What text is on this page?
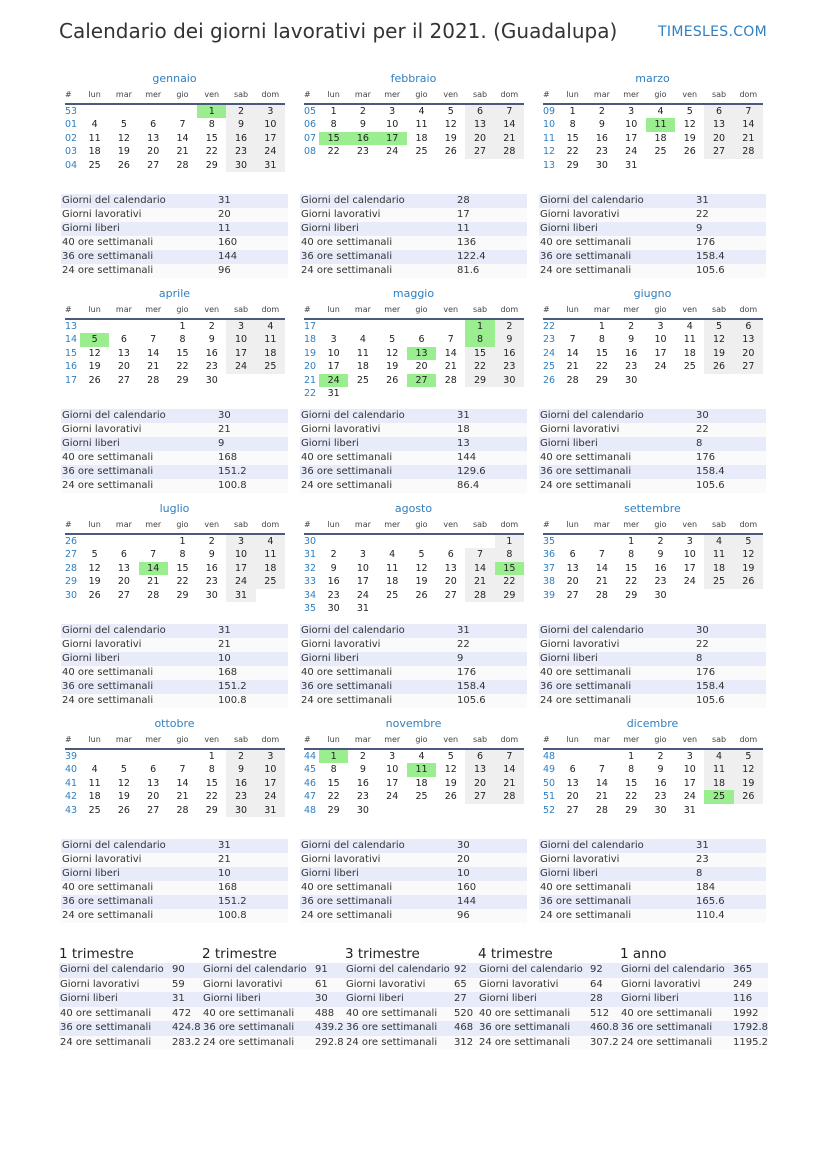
Calendario dei giorni lavorativi per il 2021. (Guadalupa)	TIMESLES.COM
gennaio
#	lun	mar	mer	gio	ven	sab	dom
53					1	2	3
01	4	5	6	7	8	9	10
02	11	12	13	14	15	16	17
03	18	19	20	21	22	23	24
04	25	26	27	28	29	30	31
Giorni del calendario	31
Giorni lavorativi	20
Giorni liberi	11
40 ore settimanali	160
36 ore settimanali	144
24 ore settimanali	96
febbraio
#	lun	mar	mer	gio	ven	sab	dom
05	1	2	3	4	5	6	7
06	8	9	10	11	12	13	14
07	15	16	17	18	19	20	21
08	22	23	24	25	26	27	28
Giorni del calendario	28
Giorni lavorativi	17
Giorni liberi	11
40 ore settimanali	136
36 ore settimanali	122.4
24 ore settimanali	81.6
marzo
#	lun	mar	mer	gio	ven	sab	dom
09	1	2	3	4	5	6	7
10	8	9	10	11	12	13	14
11	15	16	17	18	19	20	21
12	22	23	24	25	26	27	28
13	29	30	31				
Giorni del calendario	31
Giorni lavorativi	22
Giorni liberi	9
40 ore settimanali	176
36 ore settimanali	158.4
24 ore settimanali	105.6
aprile
#	lun	mar	mer	gio	ven	sab	dom
13				1	2	3	4
14	5	6	7	8	9	10	11
15	12	13	14	15	16	17	18
16	19	20	21	22	23	24	25
17	26	27	28	29	30		
Giorni del calendario	30
Giorni lavorativi	21
Giorni liberi	9
40 ore settimanali	168
36 ore settimanali	151.2
24 ore settimanali	100.8
maggio
#	lun	mar	mer	gio	ven	sab	dom
17						1	2
18	3	4	5	6	7	8	9
19	10	11	12	13	14	15	16
20	17	18	19	20	21	22	23
21	24	25	26	27	28	29	30
22	31						
Giorni del calendario	31
Giorni lavorativi	18
Giorni liberi	13
40 ore settimanali	144
36 ore settimanali	129.6
24 ore settimanali	86.4
giugno
#	lun	mar	mer	gio	ven	sab	dom
22		1	2	3	4	5	6
23	7	8	9	10	11	12	13
24	14	15	16	17	18	19	20
25	21	22	23	24	25	26	27
26	28	29	30				
Giorni del calendario	30
Giorni lavorativi	22
Giorni liberi	8
40 ore settimanali	176
36 ore settimanali	158.4
24 ore settimanali	105.6
luglio
#	lun	mar	mer	gio	ven	sab	dom
26				1	2	3	4
27	5	6	7	8	9	10	11
28	12	13	14	15	16	17	18
29	19	20	21	22	23	24	25
30	26	27	28	29	30	31	
Giorni del calendario	31
Giorni lavorativi	21
Giorni liberi	10
40 ore settimanali	168
36 ore settimanali	151.2
24 ore settimanali	100.8
agosto
#	lun	mar	mer	gio	ven	sab	dom
30							1
31	2	3	4	5	6	7	8
32	9	10	11	12	13	14	15
33	16	17	18	19	20	21	22
34	23	24	25	26	27	28	29
35	30	31					
Giorni del calendario	31
Giorni lavorativi	22
Giorni liberi	9
40 ore settimanali	176
36 ore settimanali	158.4
24 ore settimanali	105.6
settembre
#	lun	mar	mer	gio	ven	sab	dom
35			1	2	3	4	5
36	6	7	8	9	10	11	12
37	13	14	15	16	17	18	19
38	20	21	22	23	24	25	26
39	27	28	29	30			
Giorni del calendario	30
Giorni lavorativi	22
Giorni liberi	8
40 ore settimanali	176
36 ore settimanali	158.4
24 ore settimanali	105.6
ottobre
#	lun	mar	mer	gio	ven	sab	dom
39					1	2	3
40	4	5	6	7	8	9	10
41	11	12	13	14	15	16	17
42	18	19	20	21	22	23	24
43	25	26	27	28	29	30	31
Giorni del calendario	31
Giorni lavorativi	21
Giorni liberi	10
40 ore settimanali	168
36 ore settimanali	151.2
24 ore settimanali	100.8
novembre
#	lun	mar	mer	gio	ven	sab	dom
44	1	2	3	4	5	6	7
45	8	9	10	11	12	13	14
46	15	16	17	18	19	20	21
47	22	23	24	25	26	27	28
48	29	30					
Giorni del calendario	30
Giorni lavorativi	20
Giorni liberi	10
40 ore settimanali	160
36 ore settimanali	144
24 ore settimanali	96
dicembre
#	lun	mar	mer	gio	ven	sab	dom
48			1	2	3	4	5
49	6	7	8	9	10	11	12
50	13	14	15	16	17	18	19
51	20	21	22	23	24	25	26
52	27	28	29	30	31		
Giorni del calendario	31
Giorni lavorativi	23
Giorni liberi	8
40 ore settimanali	184
36 ore settimanali	165.6
24 ore settimanali	110.4
1 trimestre
Giorni del calendario	90
Giorni lavorativi	59
Giorni liberi	31
40 ore settimanali	472
36 ore settimanali	424.8
24 ore settimanali	283.2
2 trimestre
Giorni del calendario	91
Giorni lavorativi	61
Giorni liberi	30
40 ore settimanali	488
36 ore settimanali	439.2
24 ore settimanali	292.8
3 trimestre
Giorni del calendario	92
Giorni lavorativi	65
Giorni liberi	27
40 ore settimanali	520
36 ore settimanali	468
24 ore settimanali	312
4 trimestre
Giorni del calendario	92
Giorni lavorativi	64
Giorni liberi	28
40 ore settimanali	512
36 ore settimanali	460.8
24 ore settimanali	307.2
1 anno
Giorni del calendario	365
Giorni lavorativi	249
Giorni liberi	116
40 ore settimanali	1992
36 ore settimanali	1792.8
24 ore settimanali	1195.2
